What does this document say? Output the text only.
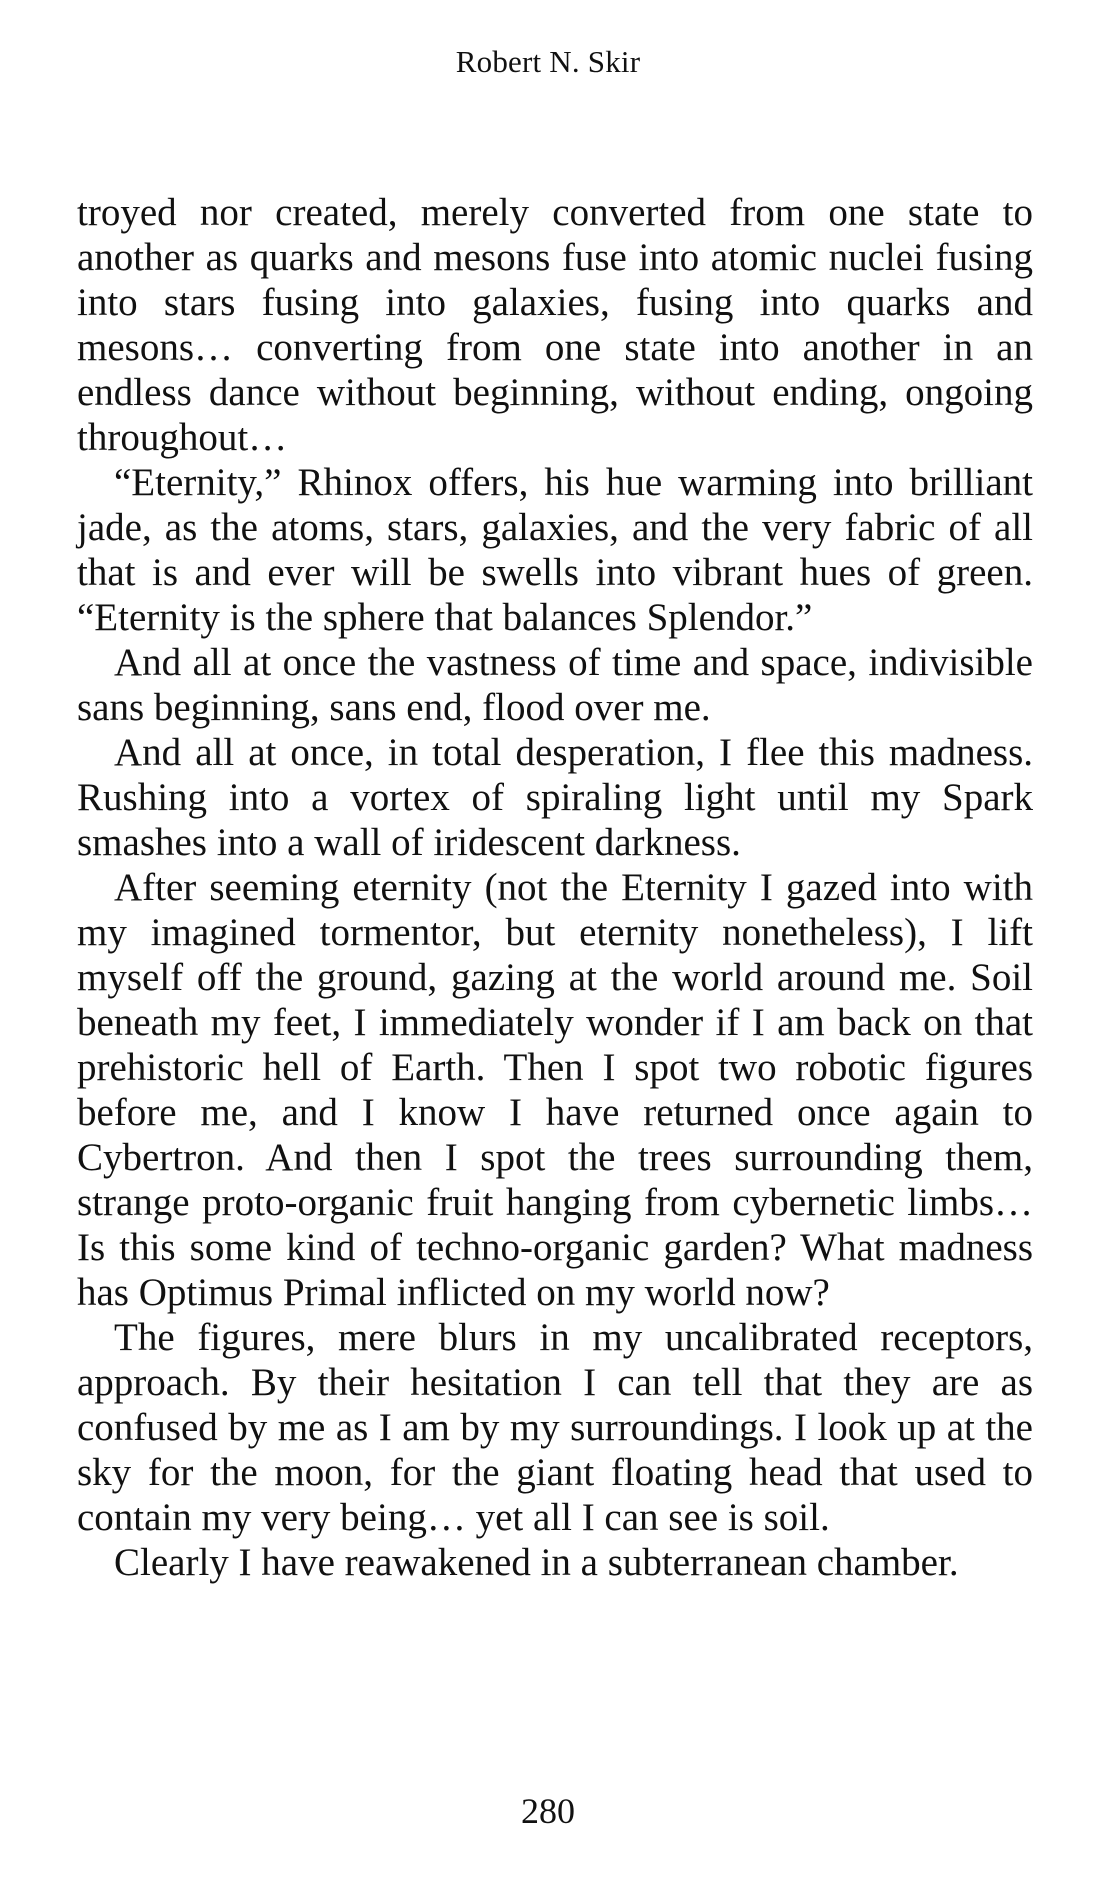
Robert N. Skir

troyed nor created, merely converted from one state to another as quarks and mesons fuse into atomic nuclei fusing into stars fusing into galaxies, fusing into quarks and mesons… converting from one state into another in an endless dance without beginning, without ending, ongoing throughout…

“Eternity,” Rhinox offers, his hue warming into brilliant jade, as the atoms, stars, galaxies, and the very fabric of all that is and ever will be swells into vibrant hues of green. “Eternity is the sphere that balances Splendor.”

And all at once the vastness of time and space, indivisible sans beginning, sans end, flood over me.

And all at once, in total desperation, I flee this madness. Rushing into a vortex of spiraling light until my Spark smashes into a wall of iridescent darkness.

After seeming eternity (not the Eternity I gazed into with my imagined tormentor, but eternity nonetheless), I lift myself off the ground, gazing at the world around me. Soil beneath my feet, I immediately wonder if I am back on that prehistoric hell of Earth. Then I spot two robotic figures before me, and I know I have returned once again to Cybertron. And then I spot the trees surrounding them, strange proto-organic fruit hanging from cybernetic limbs… Is this some kind of techno-organic garden? What madness has Optimus Primal inflicted on my world now?

The figures, mere blurs in my uncalibrated receptors, approach. By their hesitation I can tell that they are as confused by me as I am by my surroundings. I look up at the sky for the moon, for the giant floating head that used to contain my very being… yet all I can see is soil.

Clearly I have reawakened in a subterranean chamber.

280
